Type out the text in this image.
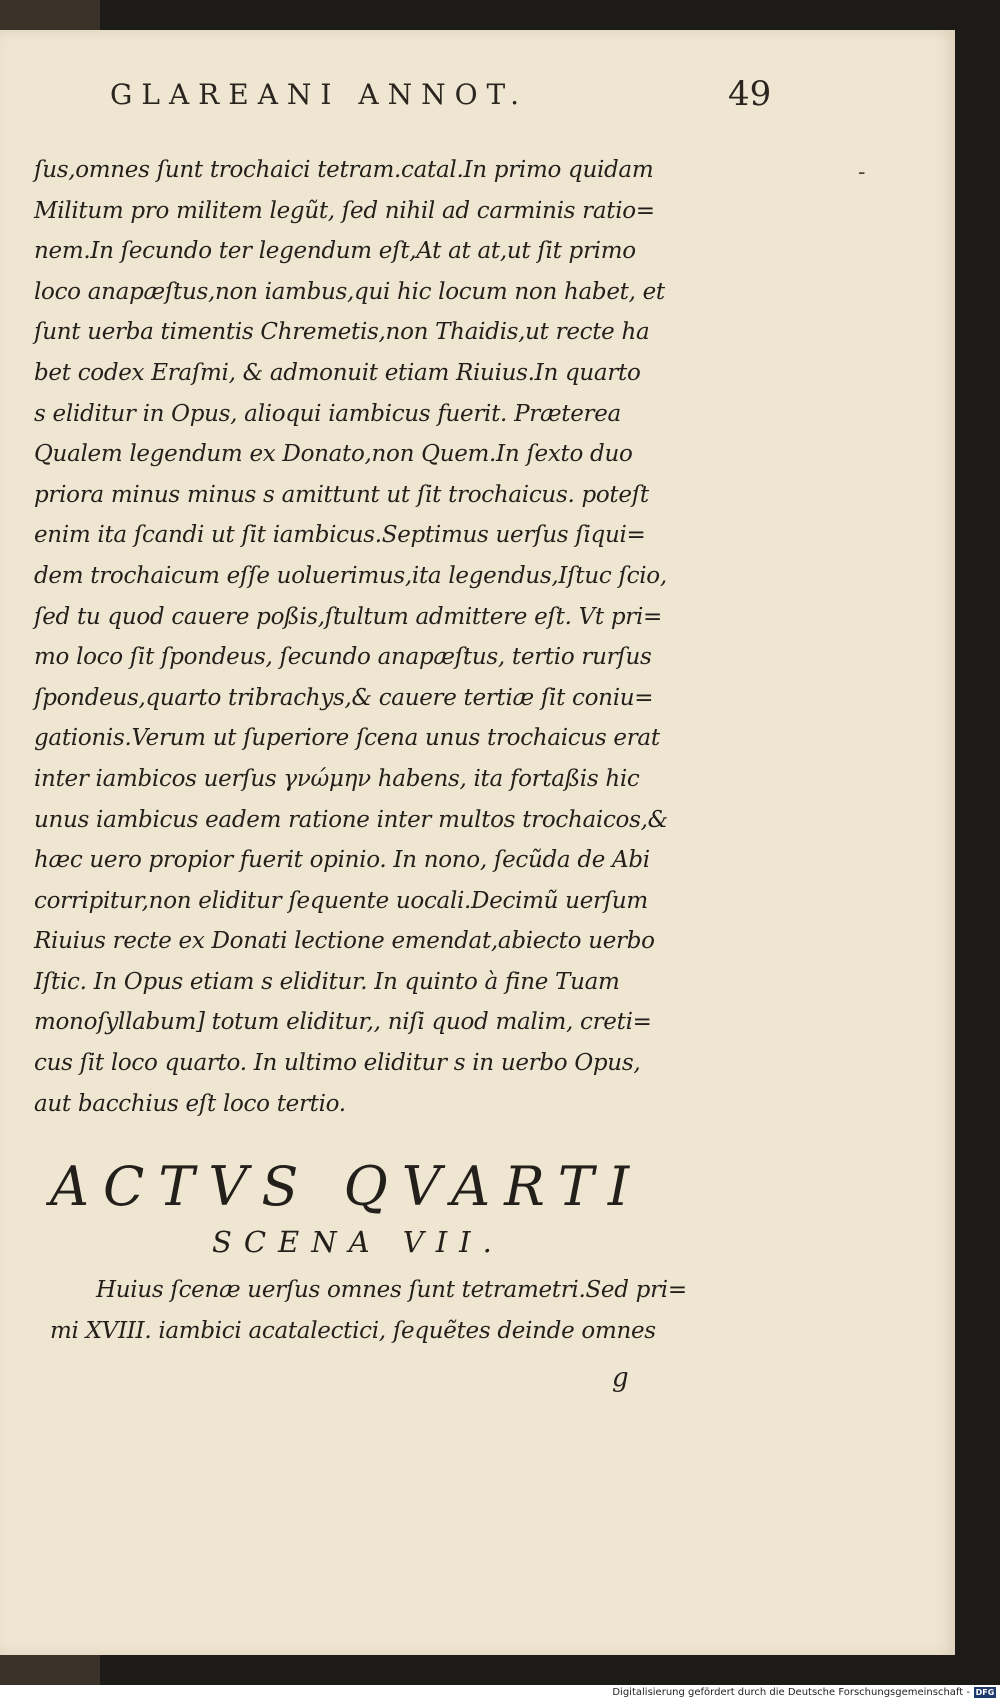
GLAREANI ANNOT.	49
-
ſus,omnes ſunt trochaici tetram.catal.In primo quidam
Militum pro militem legũt, ſed nihil ad carminis ratio=
nem.In ſecundo ter legendum eſt,At at at,ut ſit primo
loco anapæſtus,non iambus,qui hic locum non habet, et
ſunt uerba timentis Chremetis,non Thaidis,ut recte ha
bet codex Eraſmi, & admonuit etiam Riuius.In quarto
s eliditur in Opus, alioqui iambicus fuerit. Præterea
Qualem legendum ex Donato,non Quem.In ſexto duo
priora minus minus s amittunt ut ſit trochaicus. poteſt
enim ita ſcandi ut ſit iambicus.Septimus uerſus ſiqui=
dem trochaicum eſſe uoluerimus,ita legendus,Iſtuc ſcio,
ſed tu quod cauere poßis,ſtultum admittere eſt. Vt pri=
mo loco ſit ſpondeus, ſecundo anapæſtus, tertio rurſus
ſpondeus,quarto tribrachys,& cauere tertiæ ſit coniu=
gationis.Verum ut ſuperiore ſcena unus trochaicus erat
inter iambicos uerſus γνώμην habens, ita fortaßis hic
unus iambicus eadem ratione inter multos trochaicos,&
hæc uero propior fuerit opinio. In nono, ſecũda de Abi
corripitur,non eliditur ſequente uocali.Decimũ uerſum
Riuius recte ex Donati lectione emendat,abiecto uerbo
Iſtic. In Opus etiam s eliditur. In quinto à fine Tuam
monoſyllabum] totum eliditur,, niſi quod malim, creti=
cus ſit loco quarto. In ultimo eliditur s in uerbo Opus,
aut bacchius eſt loco tertio.
ACTVS QVARTI
SCENA VII.
Huius ſcenæ uerſus omnes ſunt tetrametri.Sed pri=
mi XVIII. iambici acatalectici, ſequẽtes deinde omnes
g
Digitalisierung gefördert durch die Deutsche Forschungsgemeinschaft - DFG
